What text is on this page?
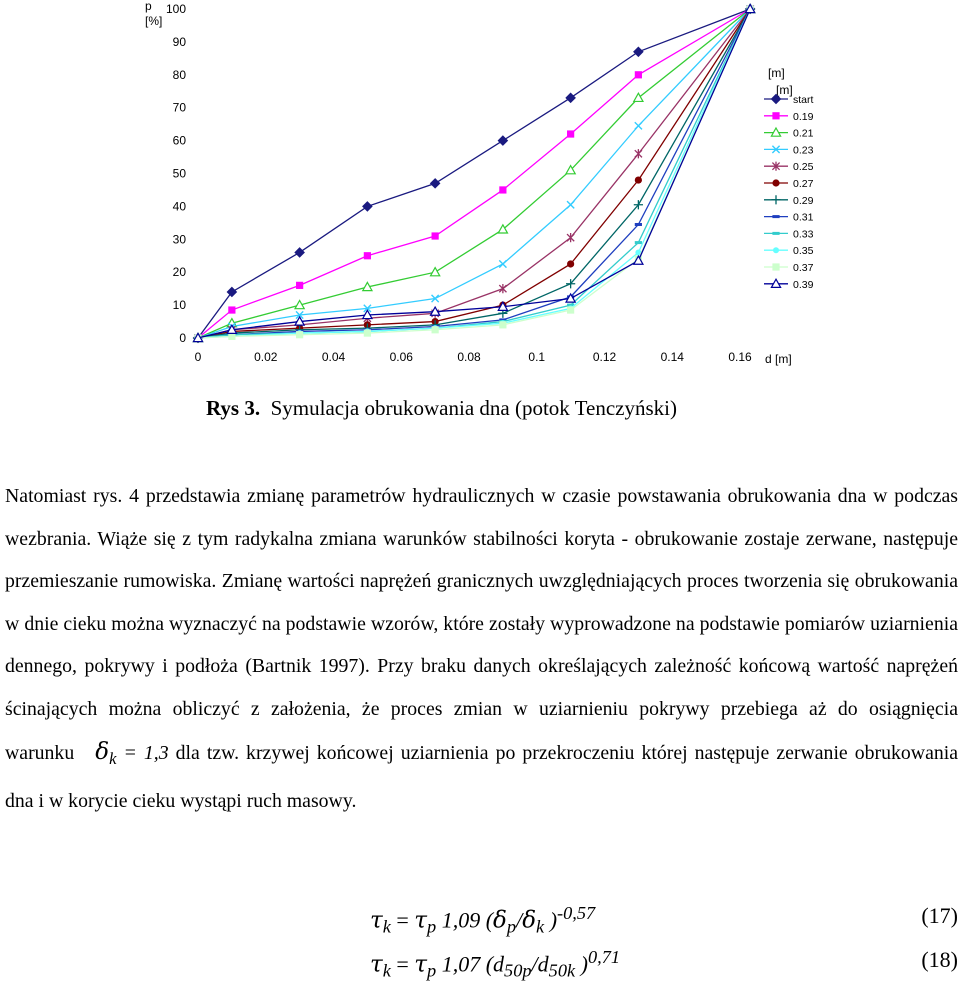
p [%]
0
10
20
30
40
50
60
70
80
90
100
0	0.02	0.04	0.06	0.08	0.1	0.12	0.14	0.16 d [m]
[m]
[m]
start
0.19
0.21
0.23
0.25
0.27
0.29
0.31
0.33
0.35
0.37
0.39
Rys 3. Symulacja obrukowania dna (potok Tenczyński)

Natomiast rys. 4 przedstawia zmianę parametrów hydraulicznych w czasie powstawania obrukowania dna w podczas wezbrania. Wiąże się z tym radykalna zmiana warunków stabilności koryta - obrukowanie zostaje zerwane, następuje przemieszanie rumowiska. Zmianę wartości naprężeń granicznych uwzględniających proces tworzenia się obrukowania w dnie cieku można wyznaczyć na podstawie wzorów, które zostały wyprowadzone na podstawie pomiarów uziarnienia dennego, pokrywy i podłoża (Bartnik 1997). Przy braku danych określających zależność końcową wartość naprężeń ścinających można obliczyć z założenia, że proces zmian w uziarnieniu pokrywy przebiega aż do osiągnięcia warunku $\delta_k = 1,3$ dla tzw. krzywej końcowej uziarnienia po przekroczeniu której następuje zerwanie obrukowania dna i w korycie cieku wystąpi ruch masowy.

$\tau_k = \tau_p$ 1,09 ($\delta_p/\delta_k$ )$^{-0,57}$	(17)
$\tau_k = \tau_p$ 1,07 ($d_{50p}/d_{50k}$ )$^{0,71}$	(18)
